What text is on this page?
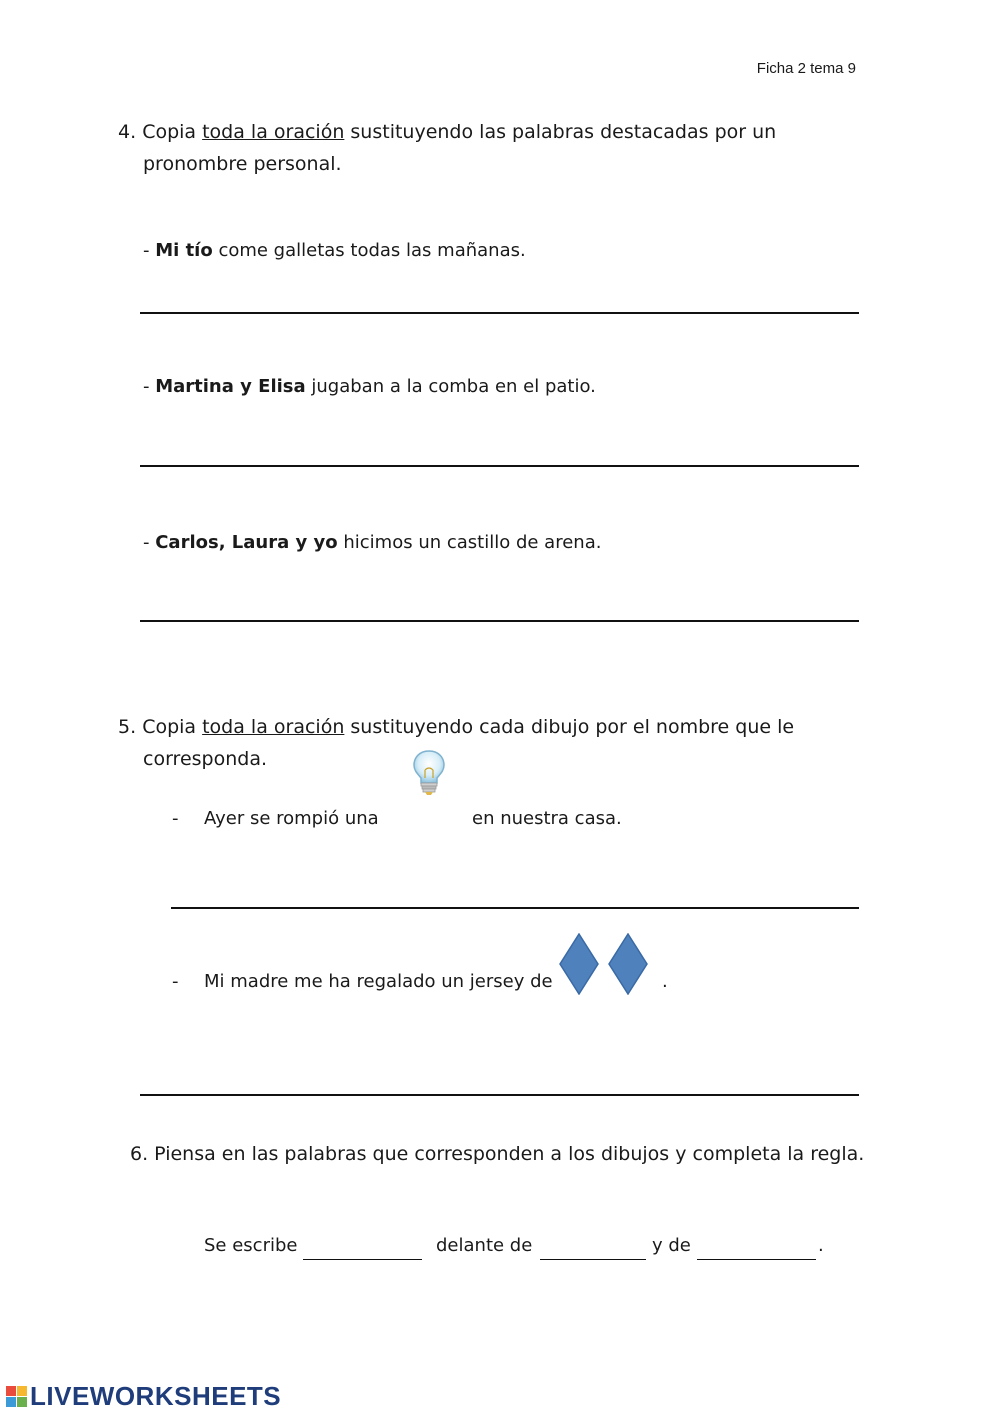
Ficha 2 tema 9
4. Copia toda la oración sustituyendo las palabras destacadas por un
pronombre personal.
- Mi tío come galletas todas las mañanas.
- Martina y Elisa jugaban a la comba en el patio.
- Carlos, Laura y yo hicimos un castillo de arena.
5. Copia toda la oración sustituyendo cada dibujo por el nombre que le
corresponda.
- Ayer se rompió una	en nuestra casa.
- Mi madre me ha regalado un jersey de	.
6. Piensa en las palabras que corresponden a los dibujos y completa la regla.
Se escribe	delante de	y de	.
LIVEWORKSHEETS
